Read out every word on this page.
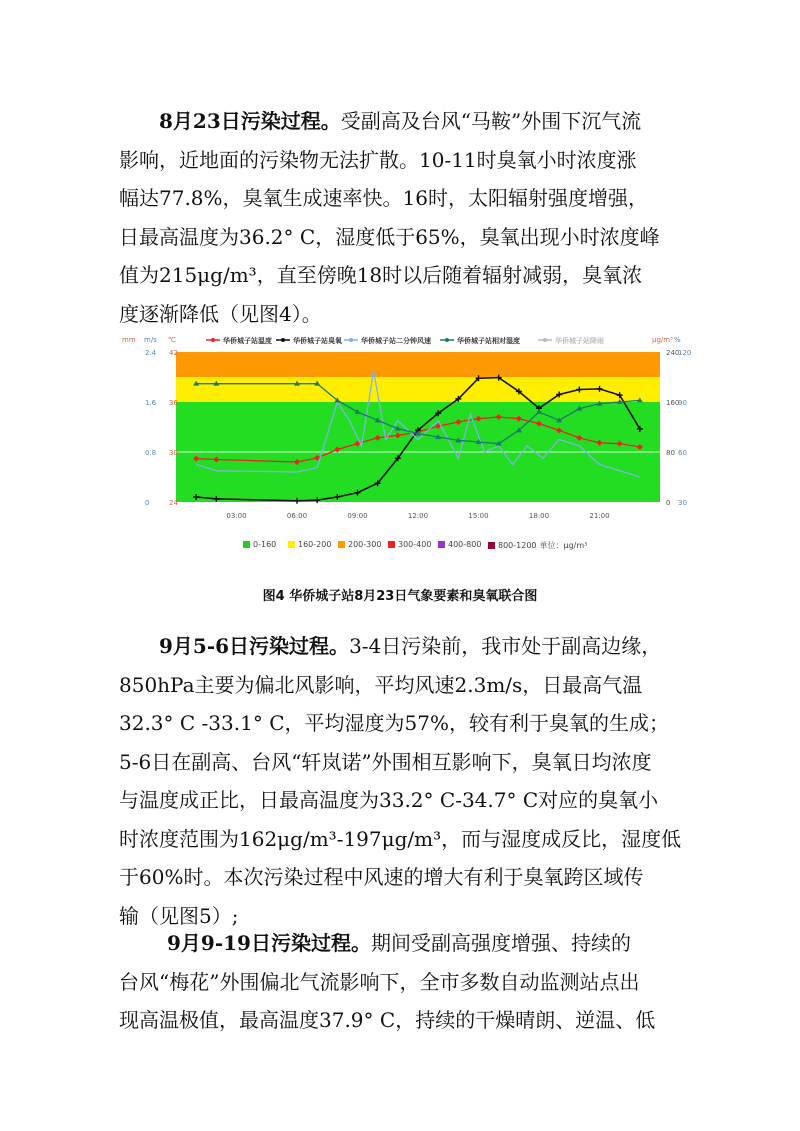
8月23日污染过程。受副高及台风“马鞍”外围下沉气流
影响，近地面的污染物无法扩散。10-11时臭氧小时浓度涨
幅达77.8%，臭氧生成速率快。16时，太阳辐射强度增强，
日最高温度为36.2° C，湿度低于65%，臭氧出现小时浓度峰
值为215μg/m³，直至傍晚18时以后随着辐射减弱，臭氧浓
度逐渐降低（见图4）。
华侨城子站温度	华侨城子站臭氧	华侨城子站二分钟风速	华侨城子站相对湿度	华侨城子站降雨
mm m/s ℃	μg/m³ %
2.4
1.6
0.8
0
42
36
30
24
240
160
80
0
120
90
60
30
03:00	06:00	09:00	12:00	15:00	18:00	21:00
0-160	160-200 200-300 300-400 400-800 800-1200 单位：μg/m³
图4 华侨城子站8月23日气象要素和臭氧联合图
9月5-6日污染过程。3-4日污染前，我市处于副高边缘，
850hPa主要为偏北风影响，平均风速2.3m/s，日最高气温
32.3° C -33.1° C，平均湿度为57%，较有利于臭氧的生成；
5-6日在副高、台风“轩岚诺”外围相互影响下，臭氧日均浓度
与温度成正比，日最高温度为33.2° C-34.7° C对应的臭氧小
时浓度范围为162μg/m³-197μg/m³，而与湿度成反比，湿度低
于60%时。本次污染过程中风速的增大有利于臭氧跨区域传
输（见图5）;
9月9-19日污染过程。期间受副高强度增强、持续的
台风“梅花”外围偏北气流影响下，全市多数自动监测站点出
现高温极值，最高温度37.9° C，持续的干燥晴朗、逆温、低
